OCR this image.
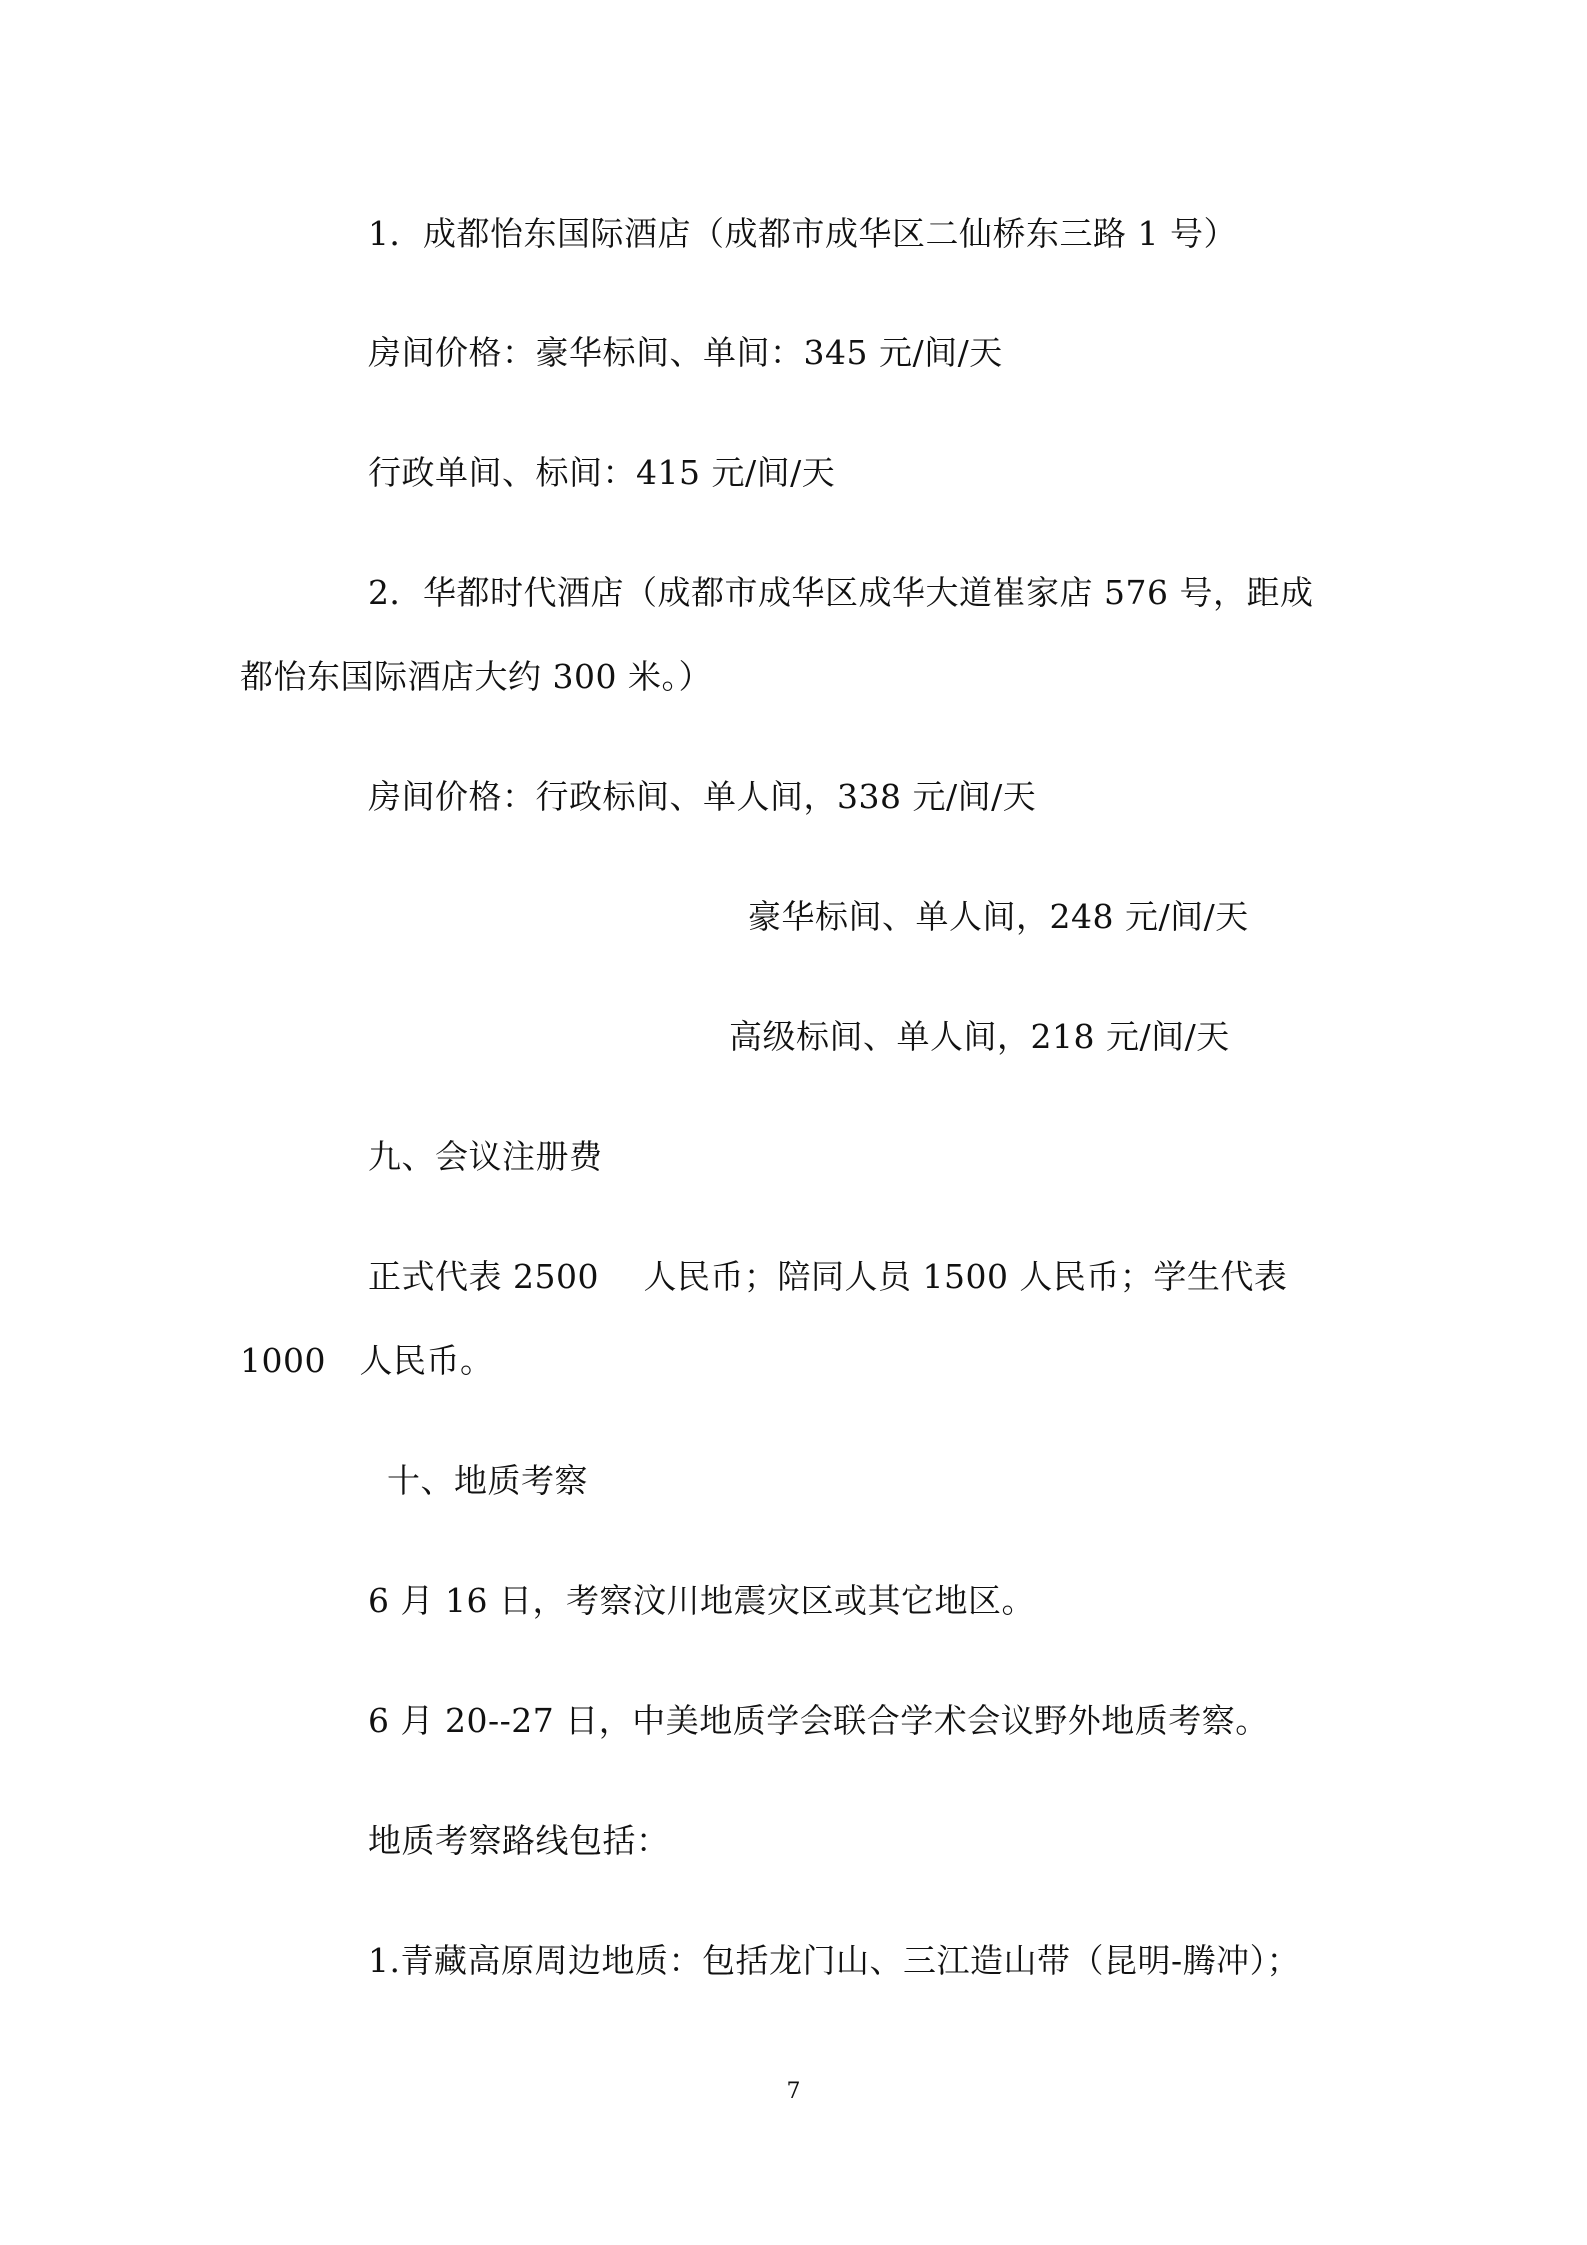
1．成都怡东国际酒店（成都市成华区二仙桥东三路 1 号）
房间价格：豪华标间、单间：345 元/间/天
行政单间、标间：415 元/间/天
2．华都时代酒店（成都市成华区成华大道崔家店 576 号，距成
都怡东国际酒店大约 300 米。）
房间价格：行政标间、单人间，338 元/间/天
豪华标间、单人间，248 元/间/天
高级标间、单人间，218 元/间/天
九、会议注册费
正式代表 2500　 人民币；陪同人员 1500 人民币；学生代表
1000　人民币。
十、地质考察
6 月 16 日，考察汶川地震灾区或其它地区。
6 月 20--27 日，中美地质学会联合学术会议野外地质考察。
地质考察路线包括：
1.青藏高原周边地质：包括龙门山、三江造山带（昆明-腾冲）；
7
